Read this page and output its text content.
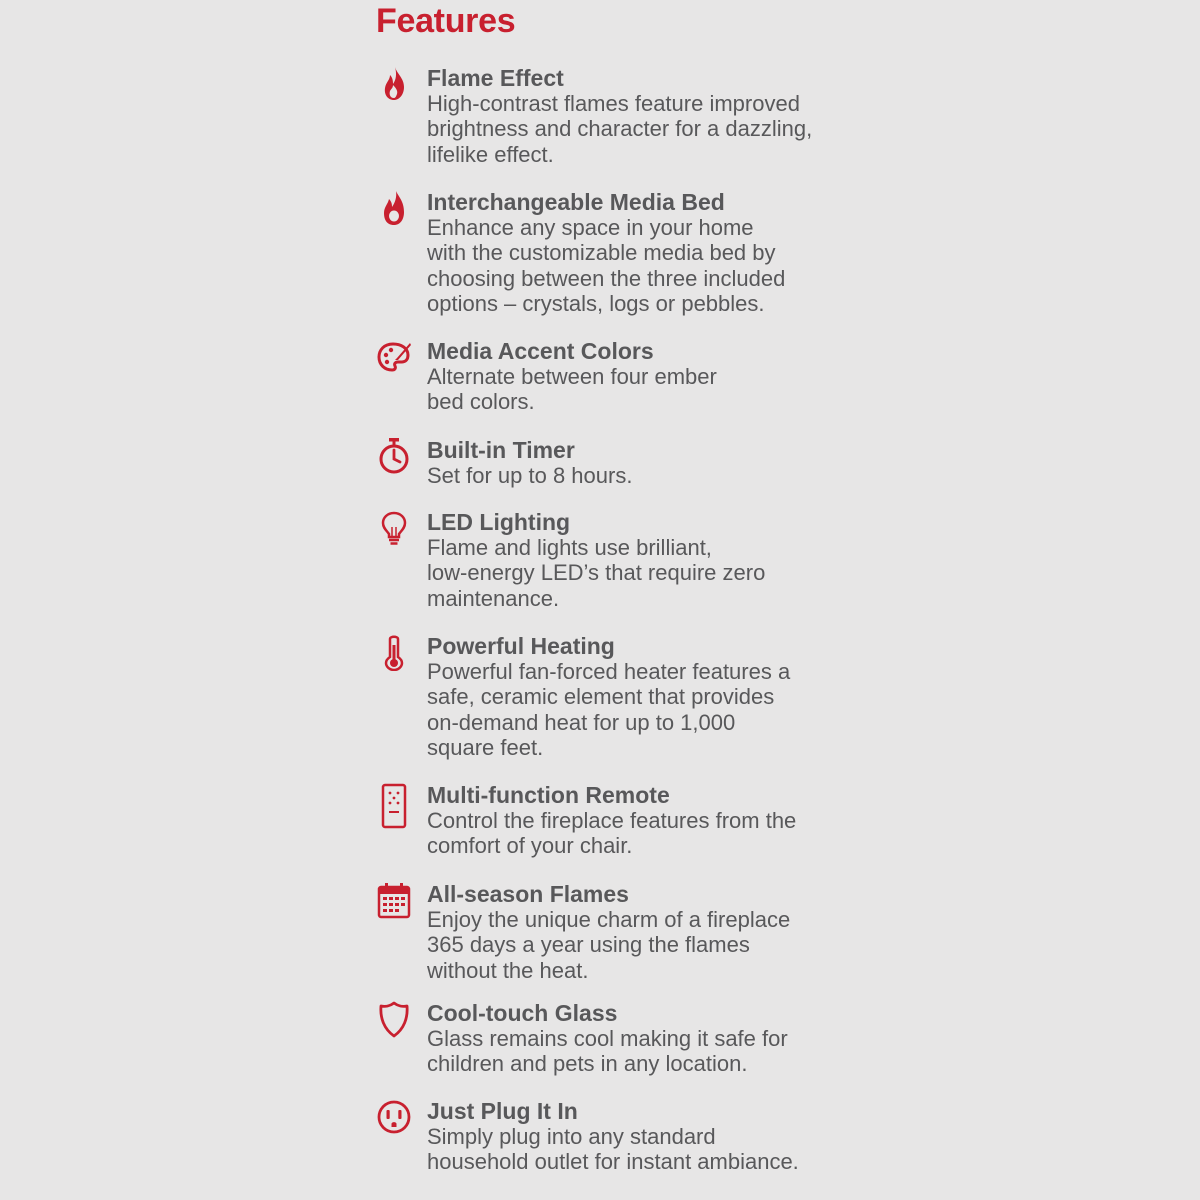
Features
Flame Effect
High-contrast flames feature improved
brightness and character for a dazzling,
lifelike effect.
Interchangeable Media Bed
Enhance any space in your home
with the customizable media bed by
choosing between the three included
options – crystals, logs or pebbles.
Media Accent Colors
Alternate between four ember
bed colors.
Built-in Timer
Set for up to 8 hours.
LED Lighting
Flame and lights use brilliant,
low-energy LED’s that require zero
maintenance.
Powerful Heating
Powerful fan-forced heater features a
safe, ceramic element that provides
on-demand heat for up to 1,000
square feet.
Multi-function Remote
Control the fireplace features from the
comfort of your chair.
All-season Flames
Enjoy the unique charm of a fireplace
365 days a year using the flames
without the heat.
Cool-touch Glass
Glass remains cool making it safe for
children and pets in any location.
Just Plug It In
Simply plug into any standard
household outlet for instant ambiance.
